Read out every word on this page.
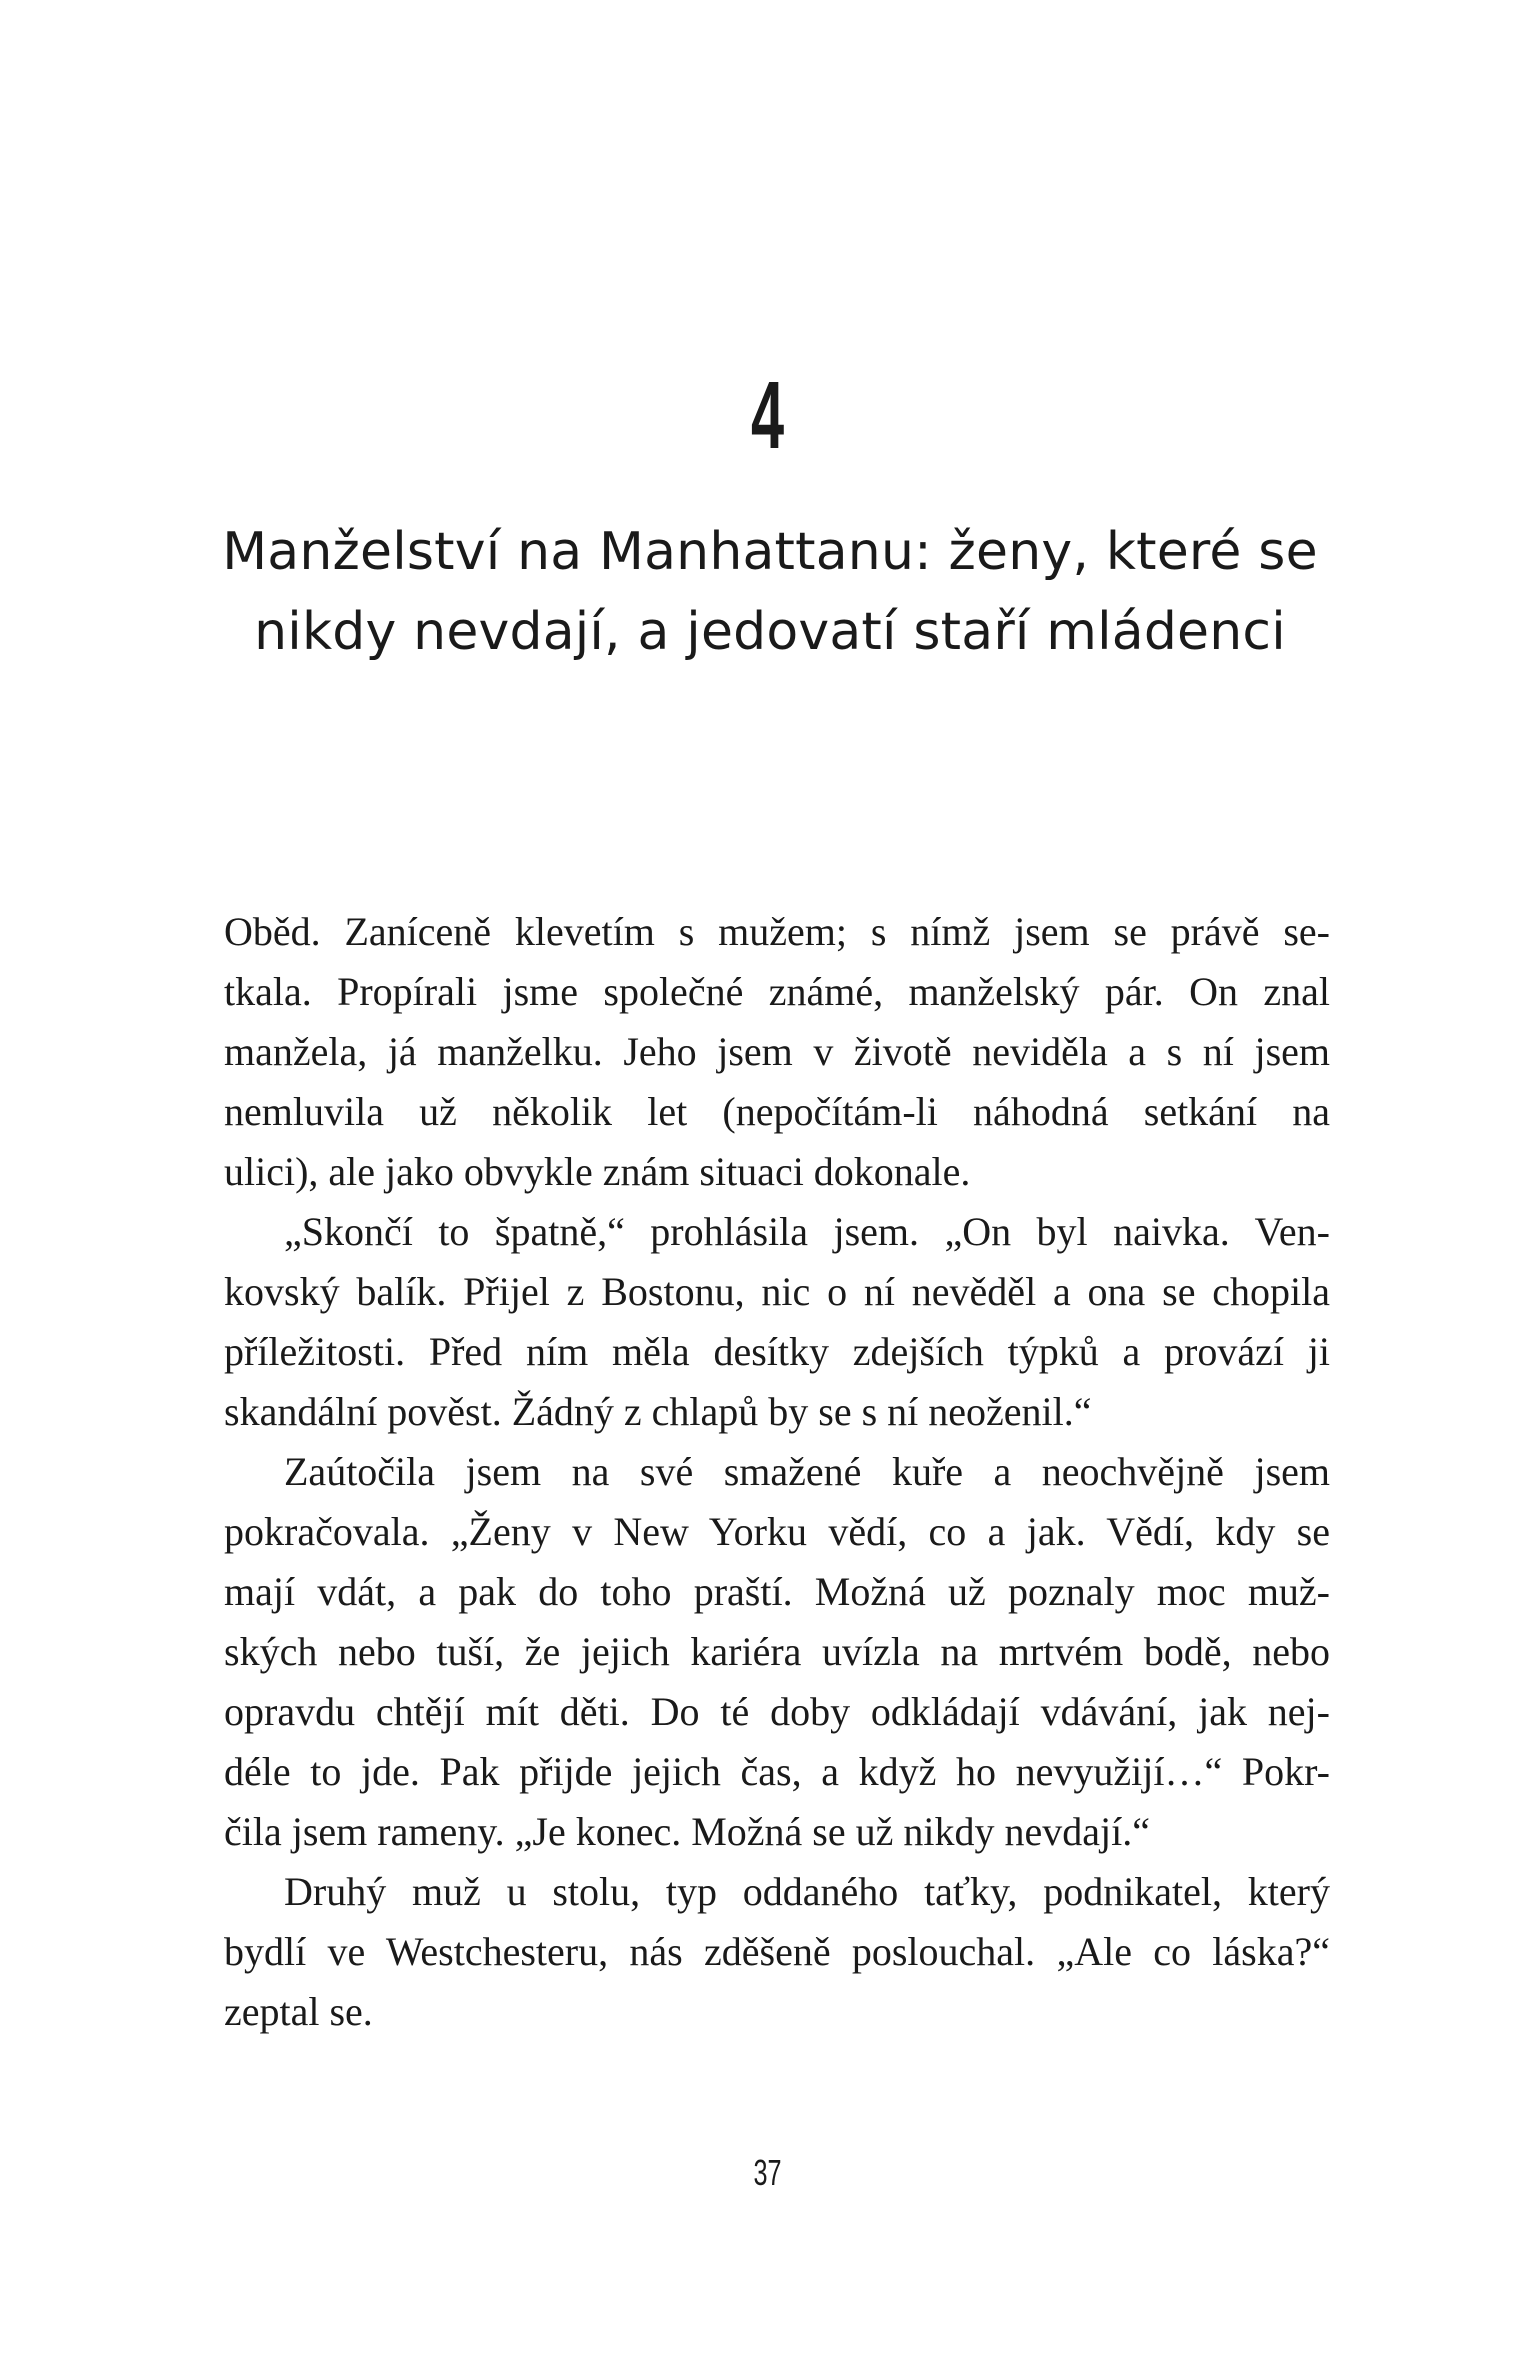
4
Manželství na Manhattanu: ženy, které se
nikdy nevdají, a jedovatí staří mládenci

Oběd. Zaníceně klevetím s mužem; s nímž jsem se právě se-
tkala. Propírali jsme společné známé, manželský pár. On znal
manžela, já manželku. Jeho jsem v životě neviděla a s ní jsem
nemluvila už několik let (nepočítám-li náhodná setkání na
ulici), ale jako obvykle znám situaci dokonale.

„Skončí to špatně,“ prohlásila jsem. „On byl naivka. Ven-
kovský balík. Přijel z Bostonu, nic o ní nevěděl a ona se chopila
příležitosti. Před ním měla desítky zdejších týpků a provází ji
skandální pověst. Žádný z chlapů by se s ní neoženil.“

Zaútočila jsem na své smažené kuře a neochvějně jsem
pokračovala. „Ženy v New Yorku vědí, co a jak. Vědí, kdy se
mají vdát, a pak do toho praští. Možná už poznaly moc muž-
ských nebo tuší, že jejich kariéra uvízla na mrtvém bodě, nebo
opravdu chtějí mít děti. Do té doby odkládají vdávání, jak nej-
déle to jde. Pak přijde jejich čas, a když ho nevyužijí…“ Pokr-
čila jsem rameny. „Je konec. Možná se už nikdy nevdají.“

Druhý muž u stolu, typ oddaného taťky, podnikatel, který
bydlí ve Westchesteru, nás zděšeně poslouchal. „Ale co láska?“
zeptal se.

37
